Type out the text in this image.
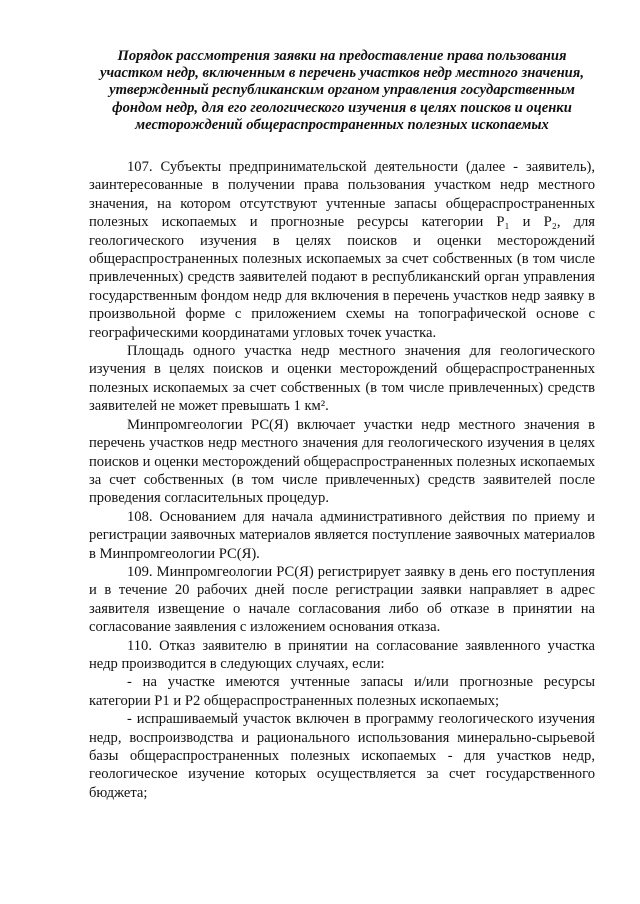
Порядок рассмотрения заявки на предоставление права пользования участком недр, включенным в перечень участков недр местного значения, утвержденный республиканским органом управления государственным фондом недр, для его геологического изучения в целях поисков и оценки месторождений общераспространенных полезных ископаемых

107. Субъекты предпринимательской деятельности (далее - заявитель), заинтересованные в получении права пользования участком недр местного значения, на котором отсутствуют учтенные запасы общераспространенных полезных ископаемых и прогнозные ресурсы категории P₁ и P₂, для геологического изучения в целях поисков и оценки месторождений общераспространенных полезных ископаемых за счет собственных (в том числе привлеченных) средств заявителей подают в республиканский орган управления государственным фондом недр для включения в перечень участков недр заявку в произвольной форме с приложением схемы на топографической основе с географическими координатами угловых точек участка.

Площадь одного участка недр местного значения для геологического изучения в целях поисков и оценки месторождений общераспространенных полезных ископаемых за счет собственных (в том числе привлеченных) средств заявителей не может превышать 1 км².

Минпромгеологии РС(Я) включает участки недр местного значения в перечень участков недр местного значения для геологического изучения в целях поисков и оценки месторождений общераспространенных полезных ископаемых за счет собственных (в том числе привлеченных) средств заявителей после проведения согласительных процедур.

108. Основанием для начала административного действия по приему и регистрации заявочных материалов является поступление заявочных материалов в Минпромгеологии РС(Я).

109. Минпромгеологии РС(Я) регистрирует заявку в день его поступления и в течение 20 рабочих дней после регистрации заявки направляет в адрес заявителя извещение о начале согласования либо об отказе в принятии на согласование заявления с изложением основания отказа.

110. Отказ заявителю в принятии на согласование заявленного участка недр производится в следующих случаях, если:

- на участке имеются учтенные запасы и/или прогнозные ресурсы категории Р1 и Р2 общераспространенных полезных ископаемых;

- испрашиваемый участок включен в программу геологического изучения недр, воспроизводства и рационального использования минерально-сырьевой базы общераспространенных полезных ископаемых - для участков недр, геологическое изучение которых осуществляется за счет государственного бюджета;
